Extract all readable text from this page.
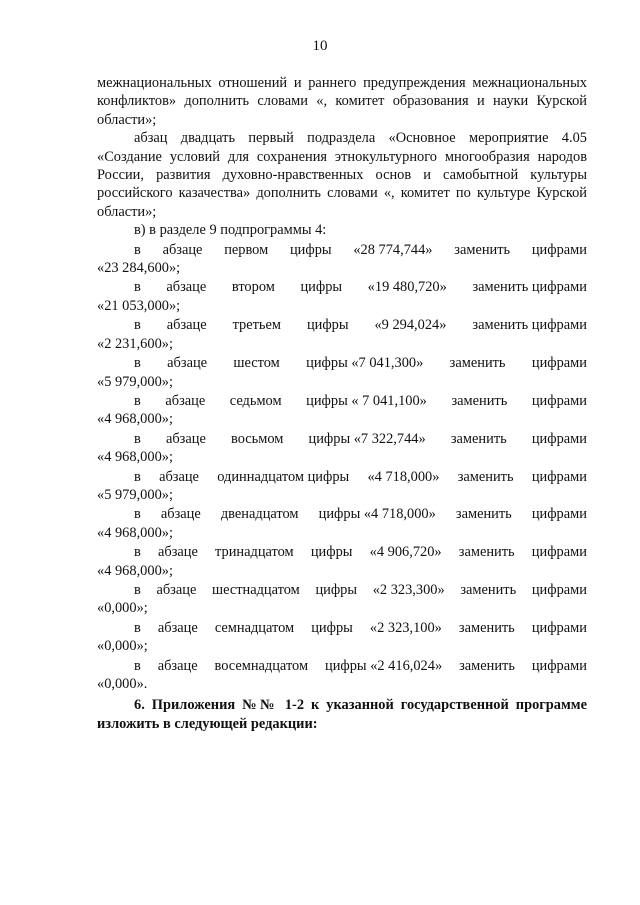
10

межнациональных отношений и раннего предупреждения межнациональных конфликтов» дополнить словами «, комитет образования и науки Курской области»;

абзац двадцать первый подраздела «Основное мероприятие 4.05 «Создание условий для сохранения этнокультурного многообразия народов России, развития духовно-нравственных основ и самобытной культуры российского казачества» дополнить словами «, комитет по культуре Курской области»;

в) в разделе 9 подпрограммы 4:

в абзаце первом цифры «28 774,744» заменить цифрами
«23 284,600»;
в абзаце втором цифры «19 480,720» заменить цифрами
«21 053,000»;
в абзаце третьем цифры «9 294,024» заменить цифрами
«2 231,600»;
в абзаце шестом цифры «7 041,300» заменить цифрами
«5 979,000»;
в абзаце седьмом цифры « 7 041,100» заменить цифрами
«4 968,000»;
в абзаце восьмом цифры «7 322,744» заменить цифрами
«4 968,000»;
в абзаце одиннадцатом цифры «4 718,000» заменить цифрами
«5 979,000»;
в абзаце двенадцатом цифры «4 718,000» заменить цифрами
«4 968,000»;
в абзаце тринадцатом цифры «4 906,720» заменить цифрами
«4 968,000»;
в абзаце шестнадцатом цифры «2 323,300» заменить цифрами
«0,000»;
в абзаце семнадцатом цифры «2 323,100» заменить цифрами
«0,000»;
в абзаце восемнадцатом цифры «2 416,024» заменить цифрами
«0,000».

6. Приложения №№ 1-2 к указанной государственной программе изложить в следующей редакции:
